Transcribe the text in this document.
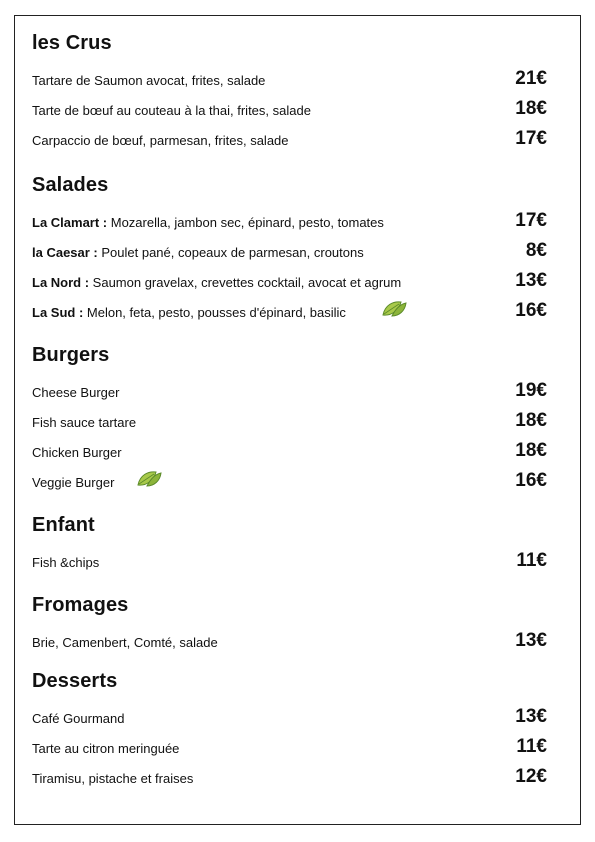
les Crus
Tartare de Saumon avocat, frites, salade	21€
Tarte de bœuf au couteau à la thai, frites, salade	18€
Carpaccio de bœuf, parmesan, frites, salade	17€
Salades
La Clamart : Mozarella, jambon sec, épinard, pesto, tomates	17€
la Caesar : Poulet pané, copeaux de parmesan, croutons	8€
La Nord : Saumon gravelax, crevettes cocktail, avocat et agrum	13€
La Sud : Melon, feta, pesto, pousses d'épinard, basilic	16€
Burgers
Cheese Burger	19€
Fish sauce tartare	18€
Chicken Burger	18€
Veggie Burger	16€
Enfant
Fish &chips	11€
Fromages
Brie, Camenbert, Comté, salade	13€
Desserts
Café Gourmand	13€
Tarte au citron meringuée	11€
Tiramisu, pistache et fraises	12€
